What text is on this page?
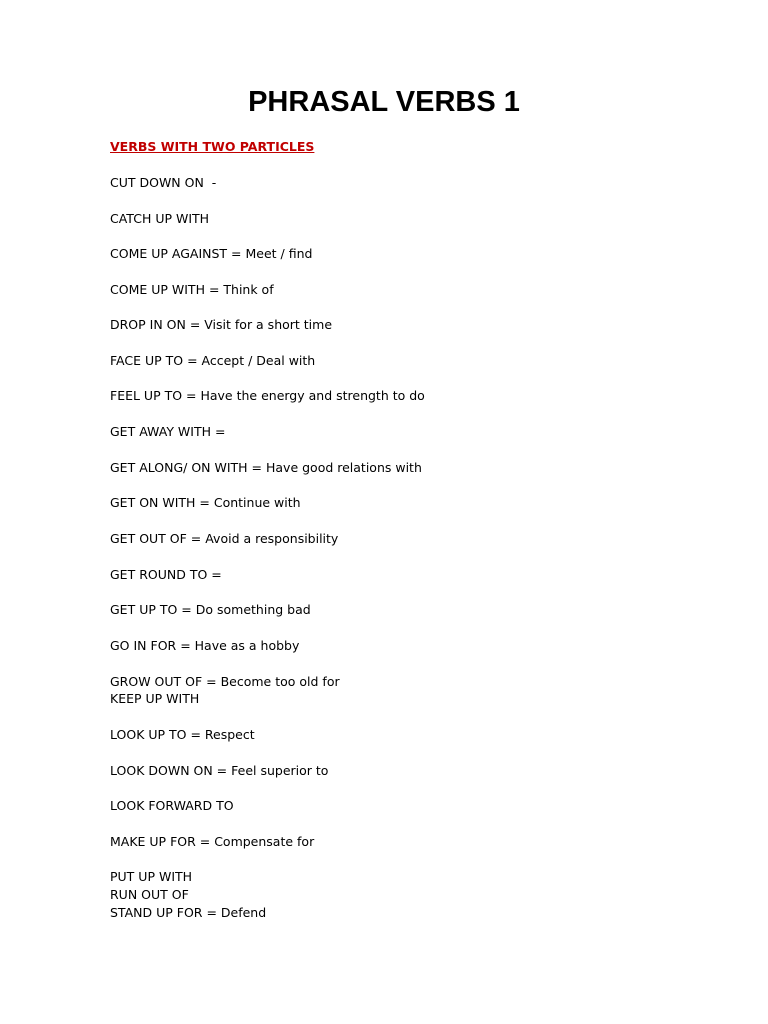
PHRASAL VERBS 1

VERBS WITH TWO PARTICLES

CUT DOWN ON  -

CATCH UP WITH

COME UP AGAINST = Meet / find

COME UP WITH = Think of

DROP IN ON = Visit for a short time

FACE UP TO = Accept / Deal with

FEEL UP TO = Have the energy and strength to do

GET AWAY WITH =

GET ALONG/ ON WITH = Have good relations with

GET ON WITH = Continue with

GET OUT OF = Avoid a responsibility

GET ROUND TO =

GET UP TO = Do something bad

GO IN FOR = Have as a hobby

GROW OUT OF = Become too old for

KEEP UP WITH

LOOK UP TO = Respect

LOOK DOWN ON = Feel superior to

LOOK FORWARD TO

MAKE UP FOR = Compensate for

PUT UP WITH

RUN OUT OF

STAND UP FOR = Defend
